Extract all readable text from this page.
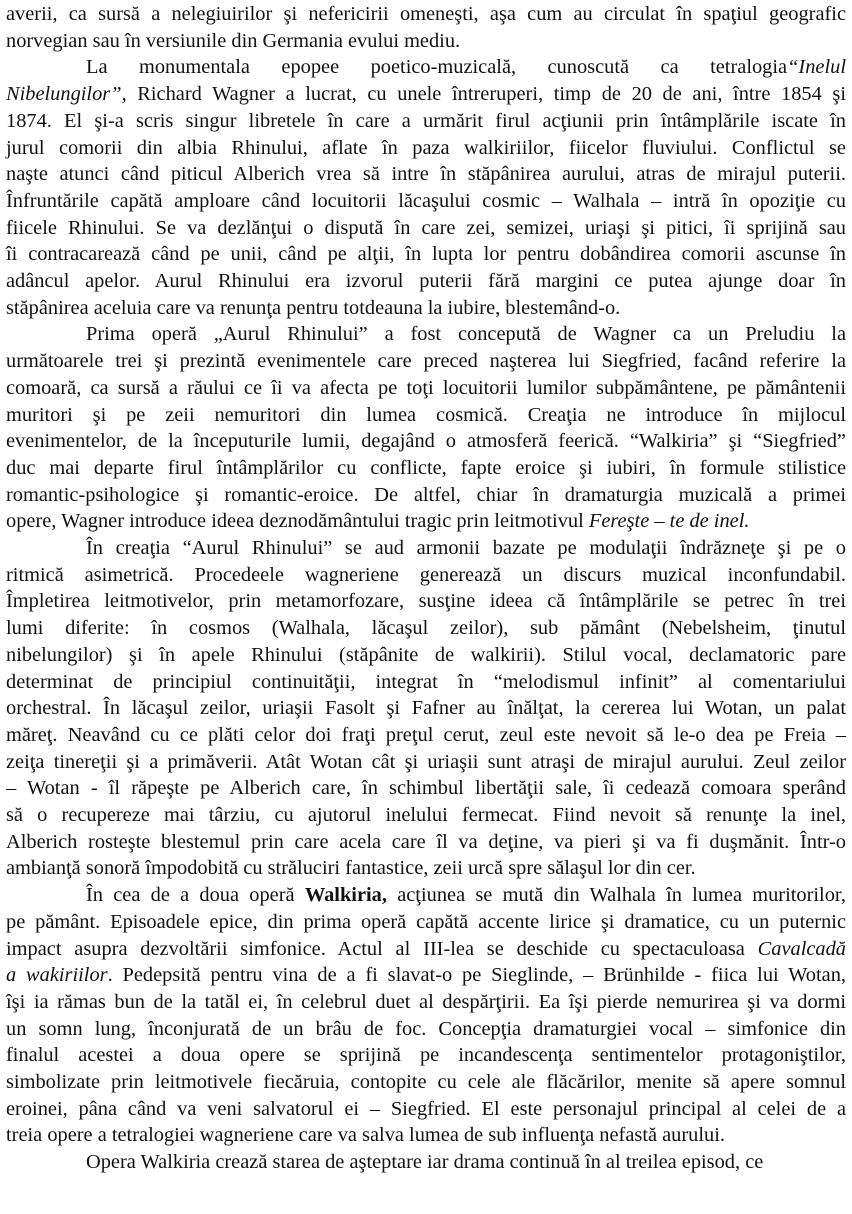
averii, ca sursă a nelegiuirilor şi nefericirii omeneşti, aşa cum au circulat în spaţiul geografic
norvegian sau în versiunile din Germania evului mediu.
La monumentala epopee poetico-muzicală, cunoscută ca tetralogia“Inelul
Nibelungilor”, Richard Wagner a lucrat, cu unele întreruperi, timp de 20 de ani, între 1854 şi
1874. El şi-a scris singur libretele în care a urmărit firul acţiunii prin întâmplările iscate în
jurul comorii din albia Rhinului, aflate în paza walkiriilor, fiicelor fluviului. Conflictul se
naşte atunci când piticul Alberich vrea să intre în stăpânirea aurului, atras de mirajul puterii.
Înfruntările capătă amploare când locuitorii lăcaşului cosmic – Walhala – intră în opoziţie cu
fiicele Rhinului. Se va dezlănţui o dispută în care zei, semizei, uriaşi şi pitici, îi sprijină sau
îi contracarează când pe unii, când pe alţii, în lupta lor pentru dobândirea comorii ascunse în
adâncul apelor. Aurul Rhinului era izvorul puterii fără margini ce putea ajunge doar în
stăpânirea aceluia care va renunţa pentru totdeauna la iubire, blestemând-o.
Prima operă „Aurul Rhinului” a fost concepută de Wagner ca un Preludiu la
următoarele trei şi prezintă evenimentele care preced naşterea lui Siegfried, facând referire la
comoară, ca sursă a răului ce îi va afecta pe toţi locuitorii lumilor subpământene, pe pământenii
muritori şi pe zeii nemuritori din lumea cosmică. Creaţia ne introduce în mijlocul
evenimentelor, de la începuturile lumii, degajând o atmosferă feerică. “Walkiria” şi “Siegfried”
duc mai departe firul întâmplărilor cu conflicte, fapte eroice şi iubiri, în formule stilistice
romantic-psihologice şi romantic-eroice. De altfel, chiar în dramaturgia muzicală a primei
opere, Wagner introduce ideea deznodământului tragic prin leitmotivul Fereşte – te de inel.
În creaţia “Aurul Rhinului” se aud armonii bazate pe modulaţii îndrăzneţe şi pe o
ritmică asimetrică. Procedeele wagneriene generează un discurs muzical inconfundabil.
Împletirea leitmotivelor, prin metamorfozare, susţine ideea că întâmplările se petrec în trei
lumi diferite: în cosmos (Walhala, lăcaşul zeilor), sub pământ (Nebelsheim, ţinutul
nibelungilor) şi în apele Rhinului (stăpânite de walkirii). Stilul vocal, declamatoric pare
determinat de principiul continuităţii, integrat în “melodismul infinit” al comentariului
orchestral. În lăcaşul zeilor, uriaşii Fasolt şi Fafner au înălţat, la cererea lui Wotan, un palat
măreţ. Neavând cu ce plăti celor doi fraţi preţul cerut, zeul este nevoit să le-o dea pe Freia –
zeiţa tinereţii şi a primăverii. Atât Wotan cât şi uriaşii sunt atraşi de mirajul aurului. Zeul zeilor
– Wotan - îl răpeşte pe Alberich care, în schimbul libertăţii sale, îi cedează comoara sperând
să o recupereze mai târziu, cu ajutorul inelului fermecat. Fiind nevoit să renunţe la inel,
Alberich rosteşte blestemul prin care acela care îl va deţine, va pieri şi va fi duşmănit. Într-o
ambianţă sonoră împodobită cu străluciri fantastice, zeii urcă spre sălaşul lor din cer.
În cea de a doua operă Walkiria, acţiunea se mută din Walhala în lumea muritorilor,
pe pământ. Episoadele epice, din prima operă capătă accente lirice şi dramatice, cu un puternic
impact asupra dezvoltării simfonice. Actul al III-lea se deschide cu spectaculoasa Cavalcadă
a wakiriilor. Pedepsită pentru vina de a fi slavat-o pe Sieglinde, – Brünhilde - fiica lui Wotan,
îşi ia rămas bun de la tatăl ei, în celebrul duet al despărţirii. Ea îşi pierde nemurirea şi va dormi
un somn lung, înconjurată de un brâu de foc. Concepţia dramaturgiei vocal – simfonice din
finalul acestei a doua opere se sprijină pe incandescenţa sentimentelor protagoniştilor,
simbolizate prin leitmotivele fiecăruia, contopite cu cele ale flăcărilor, menite să apere somnul
eroinei, pâna când va veni salvatorul ei – Siegfried. El este personajul principal al celei de a
treia opere a tetralogiei wagneriene care va salva lumea de sub influenţa nefastă aurului.
Opera Walkiria crează starea de aşteptare iar drama continuă în al treilea episod, ce
